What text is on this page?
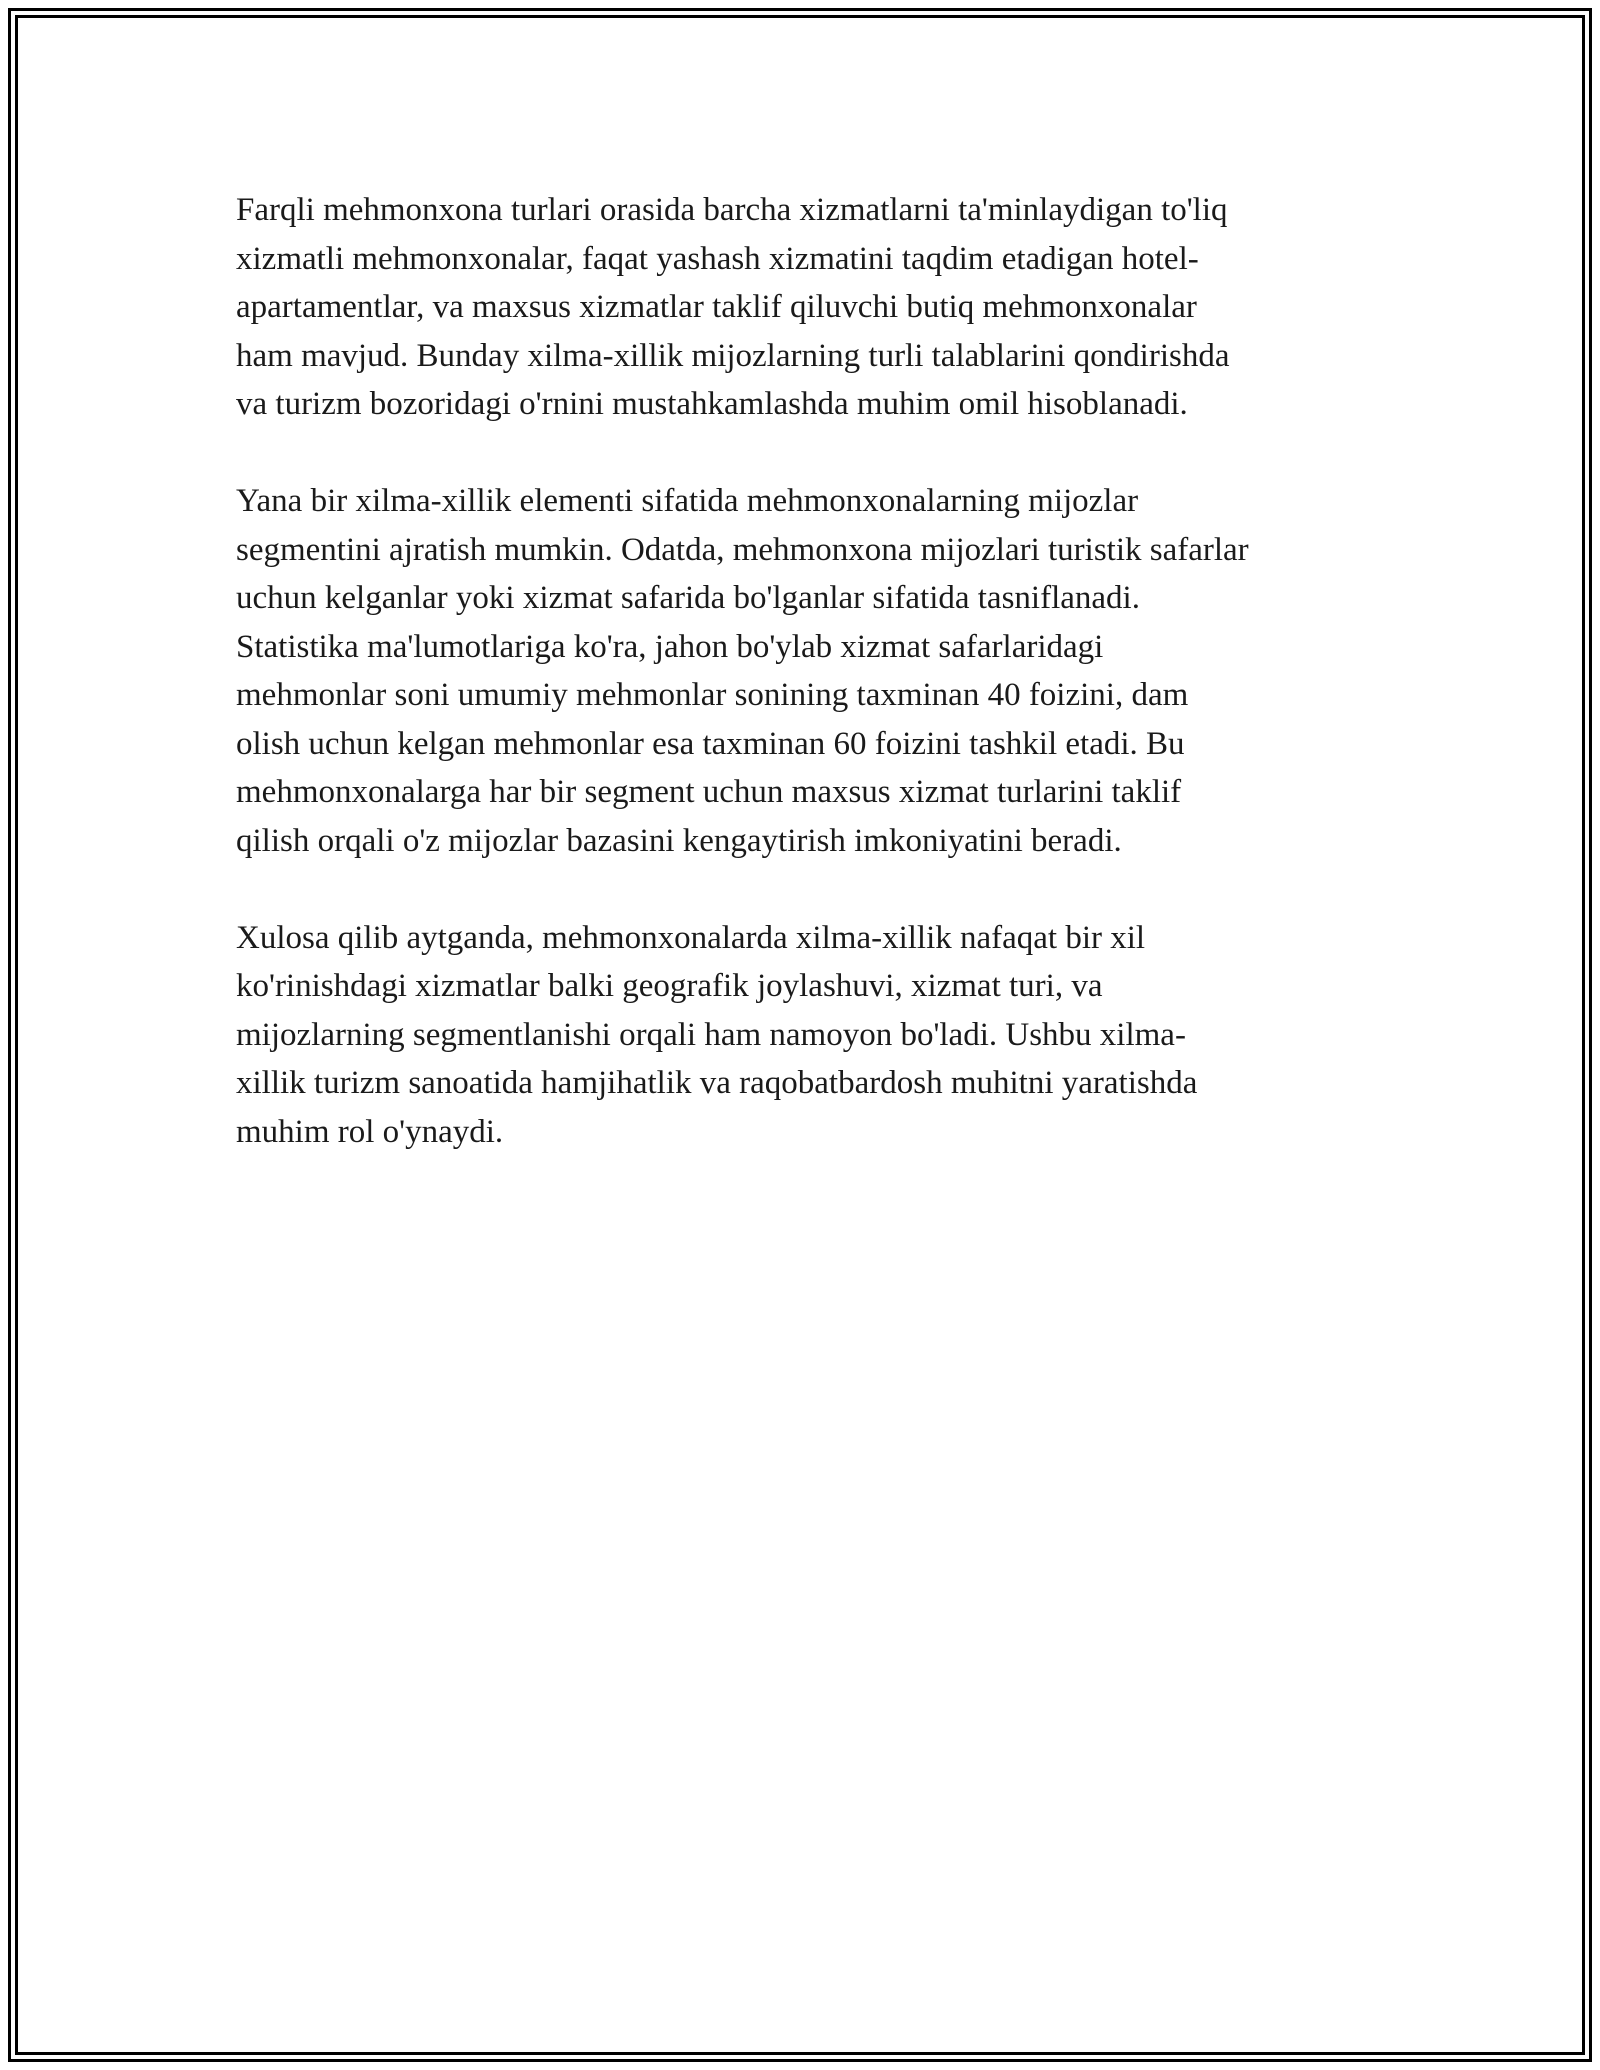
Farqli mehmonxona turlari orasida barcha xizmatlarni ta'minlaydigan to'liq
xizmatli mehmonxonalar, faqat yashash xizmatini taqdim etadigan hotel-
apartamentlar, va maxsus xizmatlar taklif qiluvchi butiq mehmonxonalar
ham mavjud. Bunday xilma-xillik mijozlarning turli talablarini qondirishda
va turizm bozoridagi o'rnini mustahkamlashda muhim omil hisoblanadi.

Yana bir xilma-xillik elementi sifatida mehmonxonalarning mijozlar
segmentini ajratish mumkin. Odatda, mehmonxona mijozlari turistik safarlar
uchun kelganlar yoki xizmat safarida bo'lganlar sifatida tasniflanadi.
Statistika ma'lumotlariga ko'ra, jahon bo'ylab xizmat safarlaridagi
mehmonlar soni umumiy mehmonlar sonining taxminan 40 foizini, dam
olish uchun kelgan mehmonlar esa taxminan 60 foizini tashkil etadi. Bu
mehmonxonalarga har bir segment uchun maxsus xizmat turlarini taklif
qilish orqali o'z mijozlar bazasini kengaytirish imkoniyatini beradi.

Xulosa qilib aytganda, mehmonxonalarda xilma-xillik nafaqat bir xil
ko'rinishdagi xizmatlar balki geografik joylashuvi, xizmat turi, va
mijozlarning segmentlanishi orqali ham namoyon bo'ladi. Ushbu xilma-
xillik turizm sanoatida hamjihatlik va raqobatbardosh muhitni yaratishda
muhim rol o'ynaydi.
